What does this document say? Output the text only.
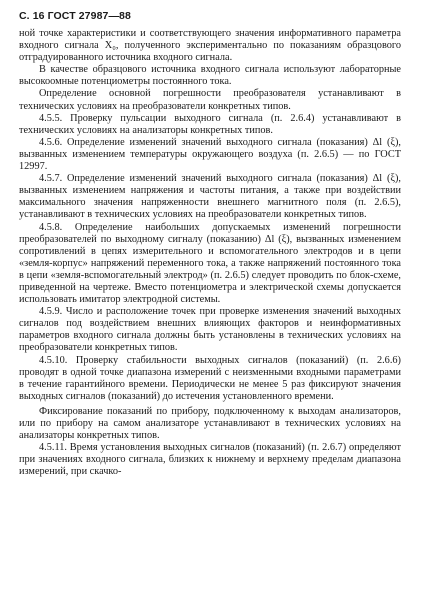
С. 16 ГОСТ 27987—88

ной точке характеристики и соответствующего значения информативного параметра входного сигнала X₀, полученного экспериментально по показаниям образцового отградуированного источника входного сигнала.

В качестве образцового источника входного сигнала используют лабораторные высокоомные потенциометры постоянного тока.

Определение основной погрешности преобразователя устанавливают в технических условиях на преобразователи конкретных типов.

4.5.5. Проверку пульсации выходного сигнала (п. 2.6.4) устанавливают в технических условиях на анализаторы конкретных типов.

4.5.6. Определение изменений значений выходного сигнала (показания) Δl (ξ), вызванных изменением температуры окружающего воздуха (п. 2.6.5) — по ГОСТ 12997.

4.5.7. Определение изменений значений выходного сигнала (показания) Δl (ξ), вызванных изменением напряжения и частоты питания, а также при воздействии максимального значения напряженности внешнего магнитного поля (п. 2.6.5), устанавливают в технических условиях на преобразователи конкретных типов.

4.5.8. Определение наибольших допускаемых изменений погрешности преобразователей по выходному сигналу (показанию) Δl (ξ), вызванных изменением сопротивлений в цепях измерительного и вспомогательного электродов и в цепи «земля-корпус» напряжений переменного тока, а также напряжений постоянного тока в цепи «земля-вспомогательный электрод» (п. 2.6.5) следует проводить по блок-схеме, приведенной на чертеже. Вместо потенциометра и электрической схемы допускается использовать имитатор электродной системы.

4.5.9. Число и расположение точек при проверке изменения значений выходных сигналов под воздействием внешних влияющих факторов и неинформативных параметров входного сигнала должны быть установлены в технических условиях на преобразователи конкретных типов.

4.5.10. Проверку стабильности выходных сигналов (показаний) (п. 2.6.6) проводят в одной точке диапазона измерений с неизменными входными параметрами в течение гарантийного времени. Периодически не менее 5 раз фиксируют значения выходных сигналов (показаний) до истечения установленного времени.

Фиксирование показаний по прибору, подключенному к выходам анализаторов, или по прибору на самом анализаторе устанавливают в технических условиях на анализаторы конкретных типов.

4.5.11. Время установления выходных сигналов (показаний) (п. 2.6.7) определяют при значениях входного сигнала, близких к нижнему и верхнему пределам диапазона измерений, при скачко-
